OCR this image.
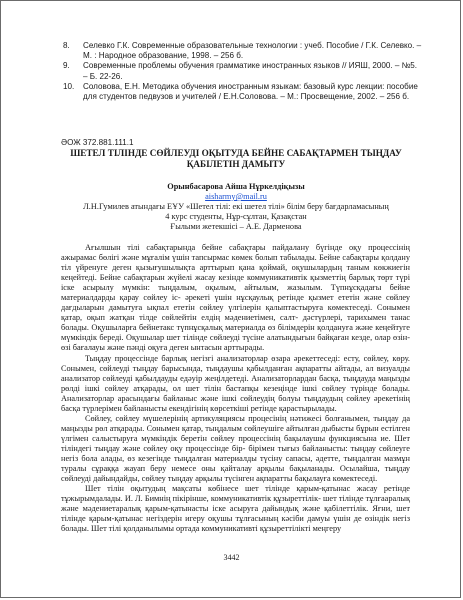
8.	Селевко Г.К. Современные образовательные технологии : учеб. Пособие / Г.К. Селевко. – М. : Народное образование, 1998. – 256 б.
9.	Современные проблемы обучения грамматике иностранных языков // ИЯШ, 2000. – №5. – Б. 22-26.
10.	Соловова, Е.Н. Методика обучения иностранным языкам: базовый курс лекции: пособие для студентов педвузов и учителей / Е.Н.Соловова. – М.: Просвещение, 2002. – 256 б.
ӘОЖ 372.881.111.1
ШЕТЕЛ ТІЛІНДЕ СӨЙЛЕУДІ ОҚЫТУДА БЕЙНЕ САБАҚТАРМЕН ТЫҢДАУ
ҚАБІЛЕТІН ДАМЫТУ
Орынбасарова Айша Нұркелдіқызы
aisharmy@mail.ru
Л.Н.Гумилев атындағы ЕҰУ «Шетел тілі: екі шетел тілі» білім беру бағдарламасының
4 курс студенты, Нұр-сұлтан, Қазақстан
Ғылыми жетекшісі – А.Е. Дарменова

Ағылшын тілі сабақтарында бейне сабақтары пайдалану бүгінде оқу процессінің ажырамас бөлігі және мұғалім үшін тапсырмас көмек болып табылады. Бейне сабақтары қолдану тіл үйренуге деген қызығушылықта арттырып қана қоймай, оқушылардың таным көкжиегін кеңейтеді. Бейне сабақтарын жүйелі жасау кезінде коммуникативтік қызметтің барлық төрт түрі іске асырылу мүмкін: тыңдалым, оқылым, айтылым, жазылым. Түпнұсқадағы бейне материалдарды қарау сөйлеу іс- әрекеті үшін нұсқаулық ретінде қызмет ететін және сөйлеу дағдыларын дамытуға ықпал ететін сөйлеу үлгілерін қалыптастыруға көмектеседі. Сонымен қатар, оқып жатқан тілде сөйлейтін елдің мәдениетімен, салт- дәстүрлері, тарихымен танас болады. Оқушыларға бейнетакс түпнұсқалық материалда өз білімдерін қолдануға және кеңейтуге мүмкіндік береді. Оқушылар шет тілінде сөйлеуді түсіне алатындығын байқаған кезде, олар өзін- өзі бағалауы және пәнді оқуға деген ынтасын арттырады.

Тыңдау процессінде барлық негізгі анализаторлар өзара әрекеттеседі: есту, сөйлеу, көру. Сонымен, сөйлеуді тыңдау барысында, тыңдаушы қабылданған ақпаратты айтады, ал визуалды анализатор сөйлеуді қабылдауды едәуір жеңілдетеді. Анализаторлардан басқа, тыңдауда маңызды рөлді ішкі сөйлеу атқарады, ол шет тілін бастапқы кезеңінде ішкі сөйлеу түрінде болады. Анализаторлар арасындағы байланыс және ішкі сөйлеудің болуы тыңдаудың сөйлеу әрекетінің басқа түрлерімен байланысты екендігінің көрсеткіші ретінде қарастырылады.

Сөйлеу, сөйлеу мүшелерінің артикуляциясы процесінің нәтижесі болғанымен, тыңдау да маңызды рөл атқарады. Сонымен қатар, тыңдалым сөйлеушіге айтылған дыбысты бұрын естілген үлгімен салыстыруға мүмкіндік беретін сөйлеу процессінің бақылаушы функциясына ие. Шет тіліндегі тыңдау және сөйлеу оқу процессінде бір- бірімен тығыз байланысты: тыңдау сөйлеуге негіз бола алады, өз кезегінде тыңдалған материалды түсіну сапасы, әдетте, тыңдалған мазмұн туралы сұраққа жауап беру немесе оны қайталау арқылы бақыланады. Осылайша, тыңдау сөйлеуді дайындайды, сөйлеу тыңдау арқылы түсінген ақпаратты бақылауға көмектеседі.

Шет тілін оқытудың мақсаты көбінесе шет тілінде қарым-қатынас жасау ретінде тұжырымдалады. И. Л. Бимнің пікірінше, коммуникативтік құзыреттілік- шет тілінде тұлғааралық және мәдениетаралық қарым-қатынасты іске асыруға дайындық және қабілеттілік. Яғни, шет тілінде қарым-қатынас негіздерін игеру оқушы тұлғасының кәсіби дамуы үшін де өзіндік негіз болады. Шет тілі қолданылымы ортада коммуникативті құзыреттілікті меңгеру

3442
